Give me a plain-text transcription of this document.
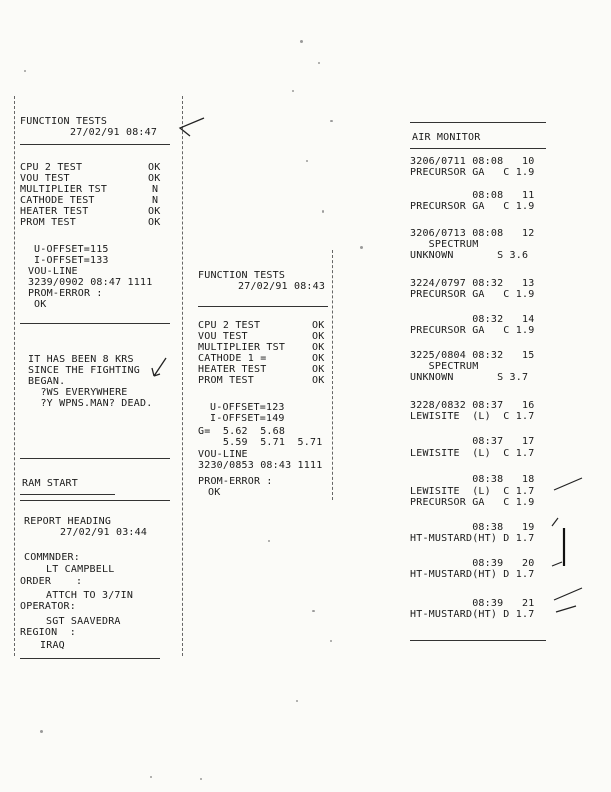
FUNCTION TESTS
27/02/91 08:47
CPU 2 TEST	OK
VOU TEST	OK
MULTIPLIER TST	N
CATHODE TEST	N
HEATER TEST	OK
PROM TEST	OK
U-OFFSET=115
I-OFFSET=133
VOU-LINE
3239/0902 08:47 1111
PROM-ERROR :
OK
IT HAS BEEN 8 KRS
SINCE THE FIGHTING
BEGAN.
?WS EVERYWHERE
?Y WPNS.MAN? DEAD.
RAM START
REPORT HEADING
27/02/91 03:44
COMMNDER:
LT CAMPBELL
ORDER    :
ATTCH TO 3/7IN
OPERATOR:
SGT SAAVEDRA
REGION  :
IRAQ
FUNCTION TESTS
27/02/91 08:43
CPU 2 TEST	OK
VOU TEST	OK
MULTIPLIER TST	OK
CATHODE 1 =	OK
HEATER TEST	OK
PROM TEST	OK
U-OFFSET=123
I-OFFSET=149
G=  5.62  5.68
5.59  5.71  5.71
VOU-LINE
3230/0853 08:43 1111
PROM-ERROR :
OK
AIR MONITOR
3206/0711 08:08   10
PRECURSOR GA   C 1.9
08:08   11
PRECURSOR GA   C 1.9
3206/0713 08:08   12
SPECTRUM
UNKNOWN       S 3.6
3224/0797 08:32   13
PRECURSOR GA   C 1.9
08:32   14
PRECURSOR GA   C 1.9
3225/0804 08:32   15
SPECTRUM
UNKNOWN       S 3.7
3228/0832 08:37   16
LEWISITE  (L)  C 1.7
08:37   17
LEWISITE  (L)  C 1.7
08:38   18
LEWISITE  (L)  C 1.7
PRECURSOR GA   C 1.9
08:38   19
HT-MUSTARD(HT) D 1.7
08:39   20
HT-MUSTARD(HT) D 1.7
08:39   21
HT-MUSTARD(HT) D 1.7
